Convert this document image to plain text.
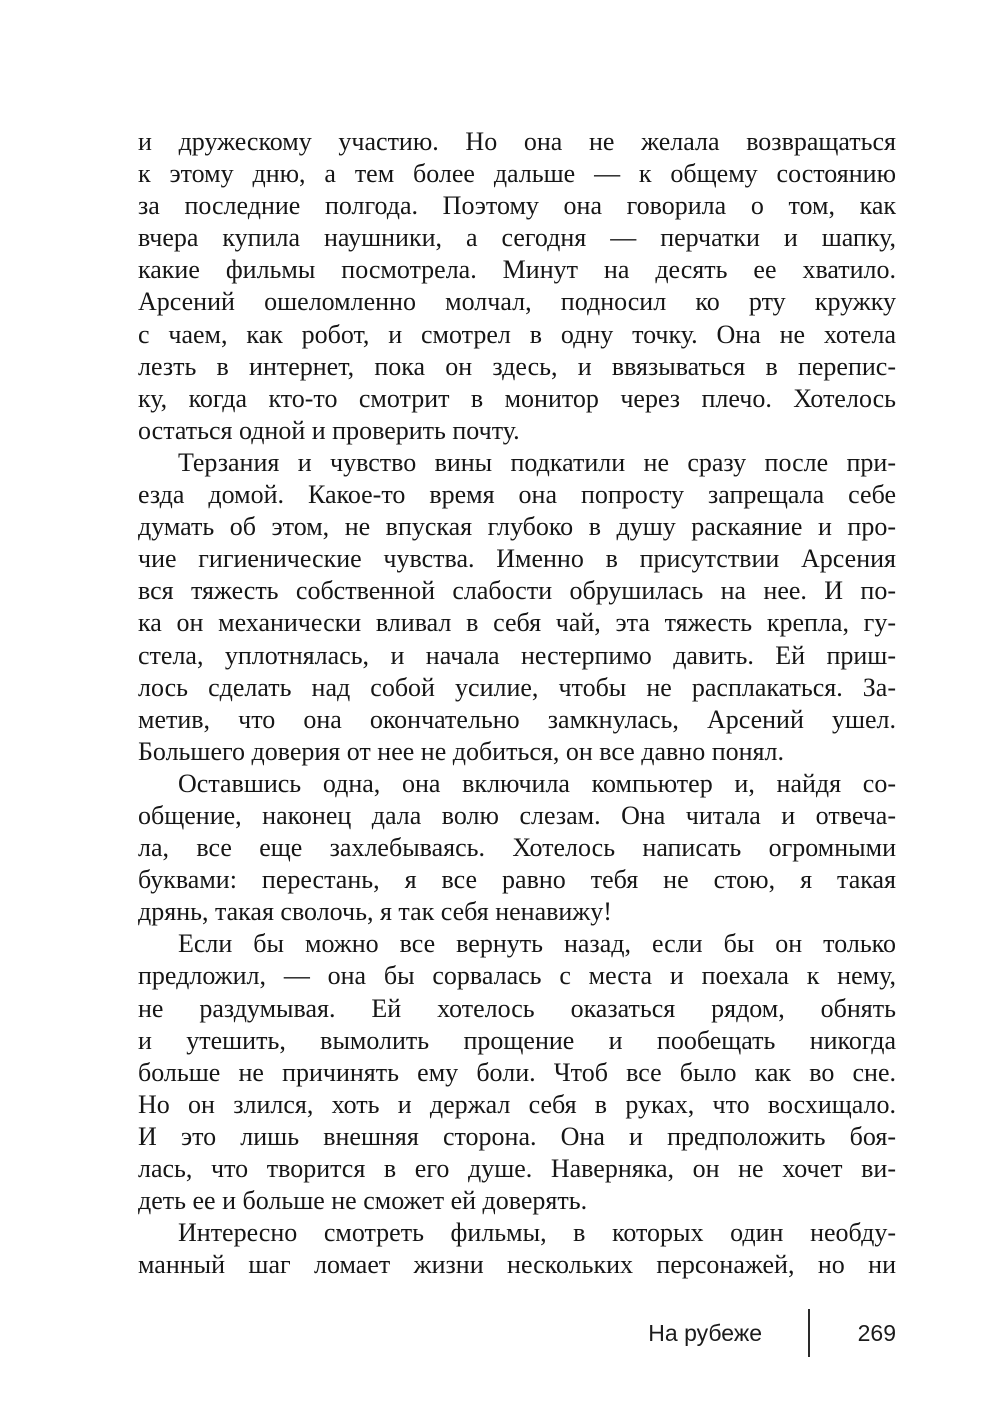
и дружескому участию. Но она не желала возвращаться
к этому дню, а тем более дальше — к общему состоянию
за последние полгода. Поэтому она говорила о том, как
вчера купила наушники, а сегодня — перчатки и шапку,
какие фильмы посмотрела. Минут на десять ее хватило.
Арсений ошеломленно молчал, подносил ко рту кружку
с чаем, как робот, и смотрел в одну точку. Она не хотела
лезть в интернет, пока он здесь, и ввязываться в перепис-
ку, когда кто-то смотрит в монитор через плечо. Хотелось
остаться одной и проверить почту.
Терзания и чувство вины подкатили не сразу после при-
езда домой. Какое-то время она попросту запрещала себе
думать об этом, не впуская глубоко в душу раскаяние и про-
чие гигиенические чувства. Именно в присутствии Арсения
вся тяжесть собственной слабости обрушилась на нее. И по-
ка он механически вливал в себя чай, эта тяжесть крепла, гу-
стела, уплотнялась, и начала нестерпимо давить. Ей приш-
лось сделать над собой усилие, чтобы не расплакаться. За-
метив, что она окончательно замкнулась, Арсений ушел.
Большего доверия от нее не добиться, он все давно понял.
Оставшись одна, она включила компьютер и, найдя со-
общение, наконец дала волю слезам. Она читала и отвеча-
ла, все еще захлебываясь. Хотелось написать огромными
буквами: перестань, я все равно тебя не стою, я такая
дрянь, такая сволочь, я так себя ненавижу!
Если бы можно все вернуть назад, если бы он только
предложил, — она бы сорвалась с места и поехала к нему,
не раздумывая. Ей хотелось оказаться рядом, обнять
и утешить, вымолить прощение и пообещать никогда
больше не причинять ему боли. Чтоб все было как во сне.
Но он злился, хоть и держал себя в руках, что восхищало.
И это лишь внешняя сторона. Она и предположить боя-
лась, что творится в его душе. Наверняка, он не хочет ви-
деть ее и больше не сможет ей доверять.
Интересно смотреть фильмы, в которых один необду-
манный шаг ломает жизни нескольких персонажей, но ни
На рубеже	269
